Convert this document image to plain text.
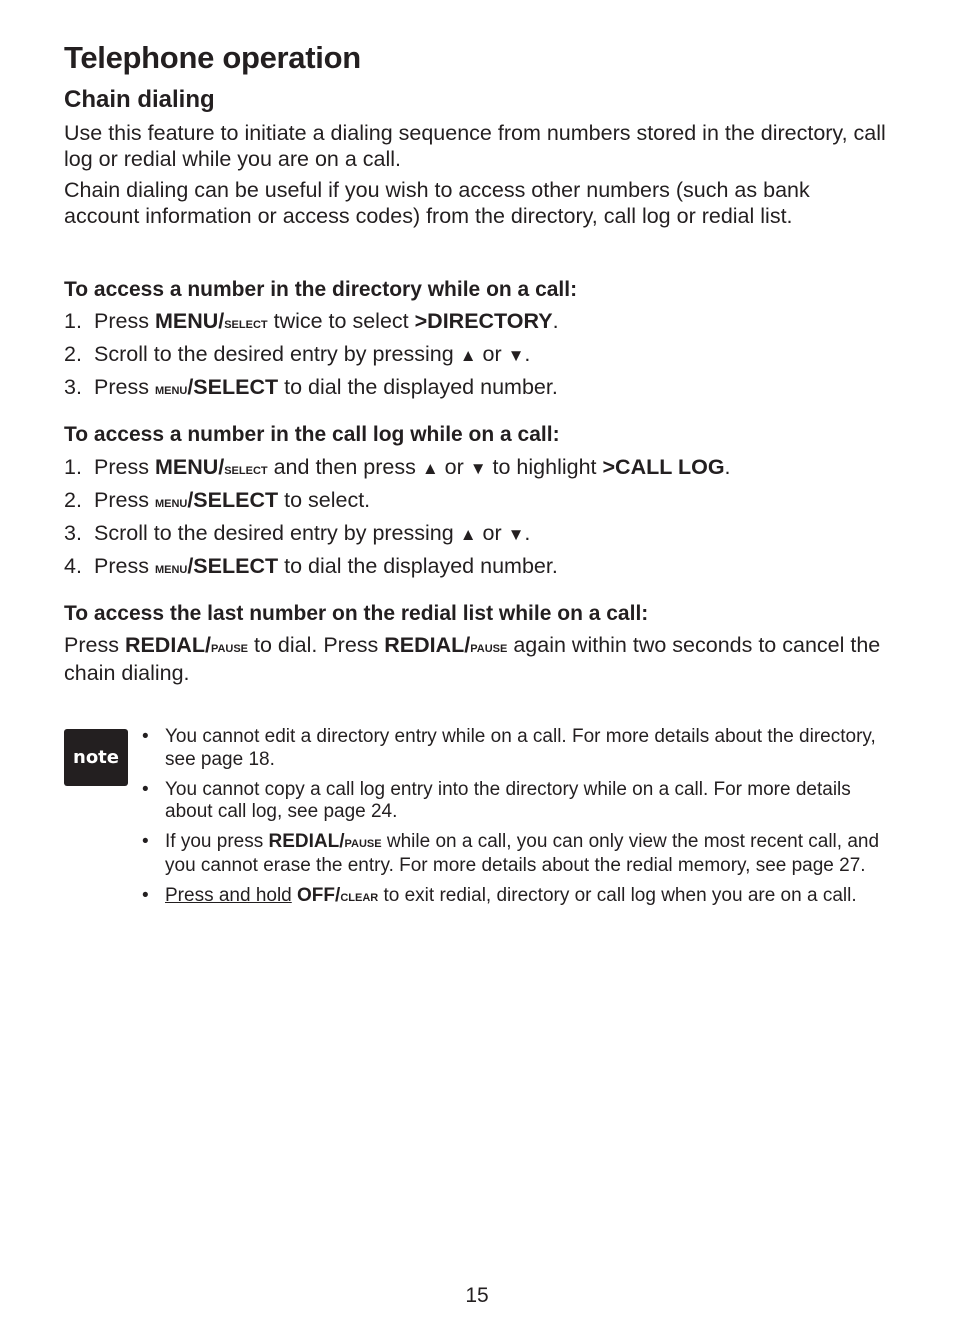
Telephone operation
Chain dialing

Use this feature to initiate a dialing sequence from numbers stored in the directory, call log or redial while you are on a call.

Chain dialing can be useful if you wish to access other numbers (such as bank account information or access codes) from the directory, call log or redial list.

To access a number in the directory while on a call:

1. Press MENU/select twice to select >DIRECTORY.
2. Scroll to the desired entry by pressing ▲ or ▼.
3. Press menu/SELECT to dial the displayed number.

To access a number in the call log while on a call:

1. Press MENU/select and then press ▲ or ▼ to highlight >CALL LOG.
2. Press menu/SELECT to select.
3. Scroll to the desired entry by pressing ▲ or ▼.
4. Press menu/SELECT to dial the displayed number.

To access the last number on the redial list while on a call:

Press REDIAL/pause to dial. Press REDIAL/pause again within two seconds to cancel the chain dialing.

note
• You cannot edit a directory entry while on a call. For more details about the directory, see page 18.
• You cannot copy a call log entry into the directory while on a call. For more details about call log, see page 24.
• If you press REDIAL/pause while on a call, you can only view the most recent call, and you cannot erase the entry. For more details about the redial memory, see page 27.
• Press and hold OFF/clear to exit redial, directory or call log when you are on a call.
15
